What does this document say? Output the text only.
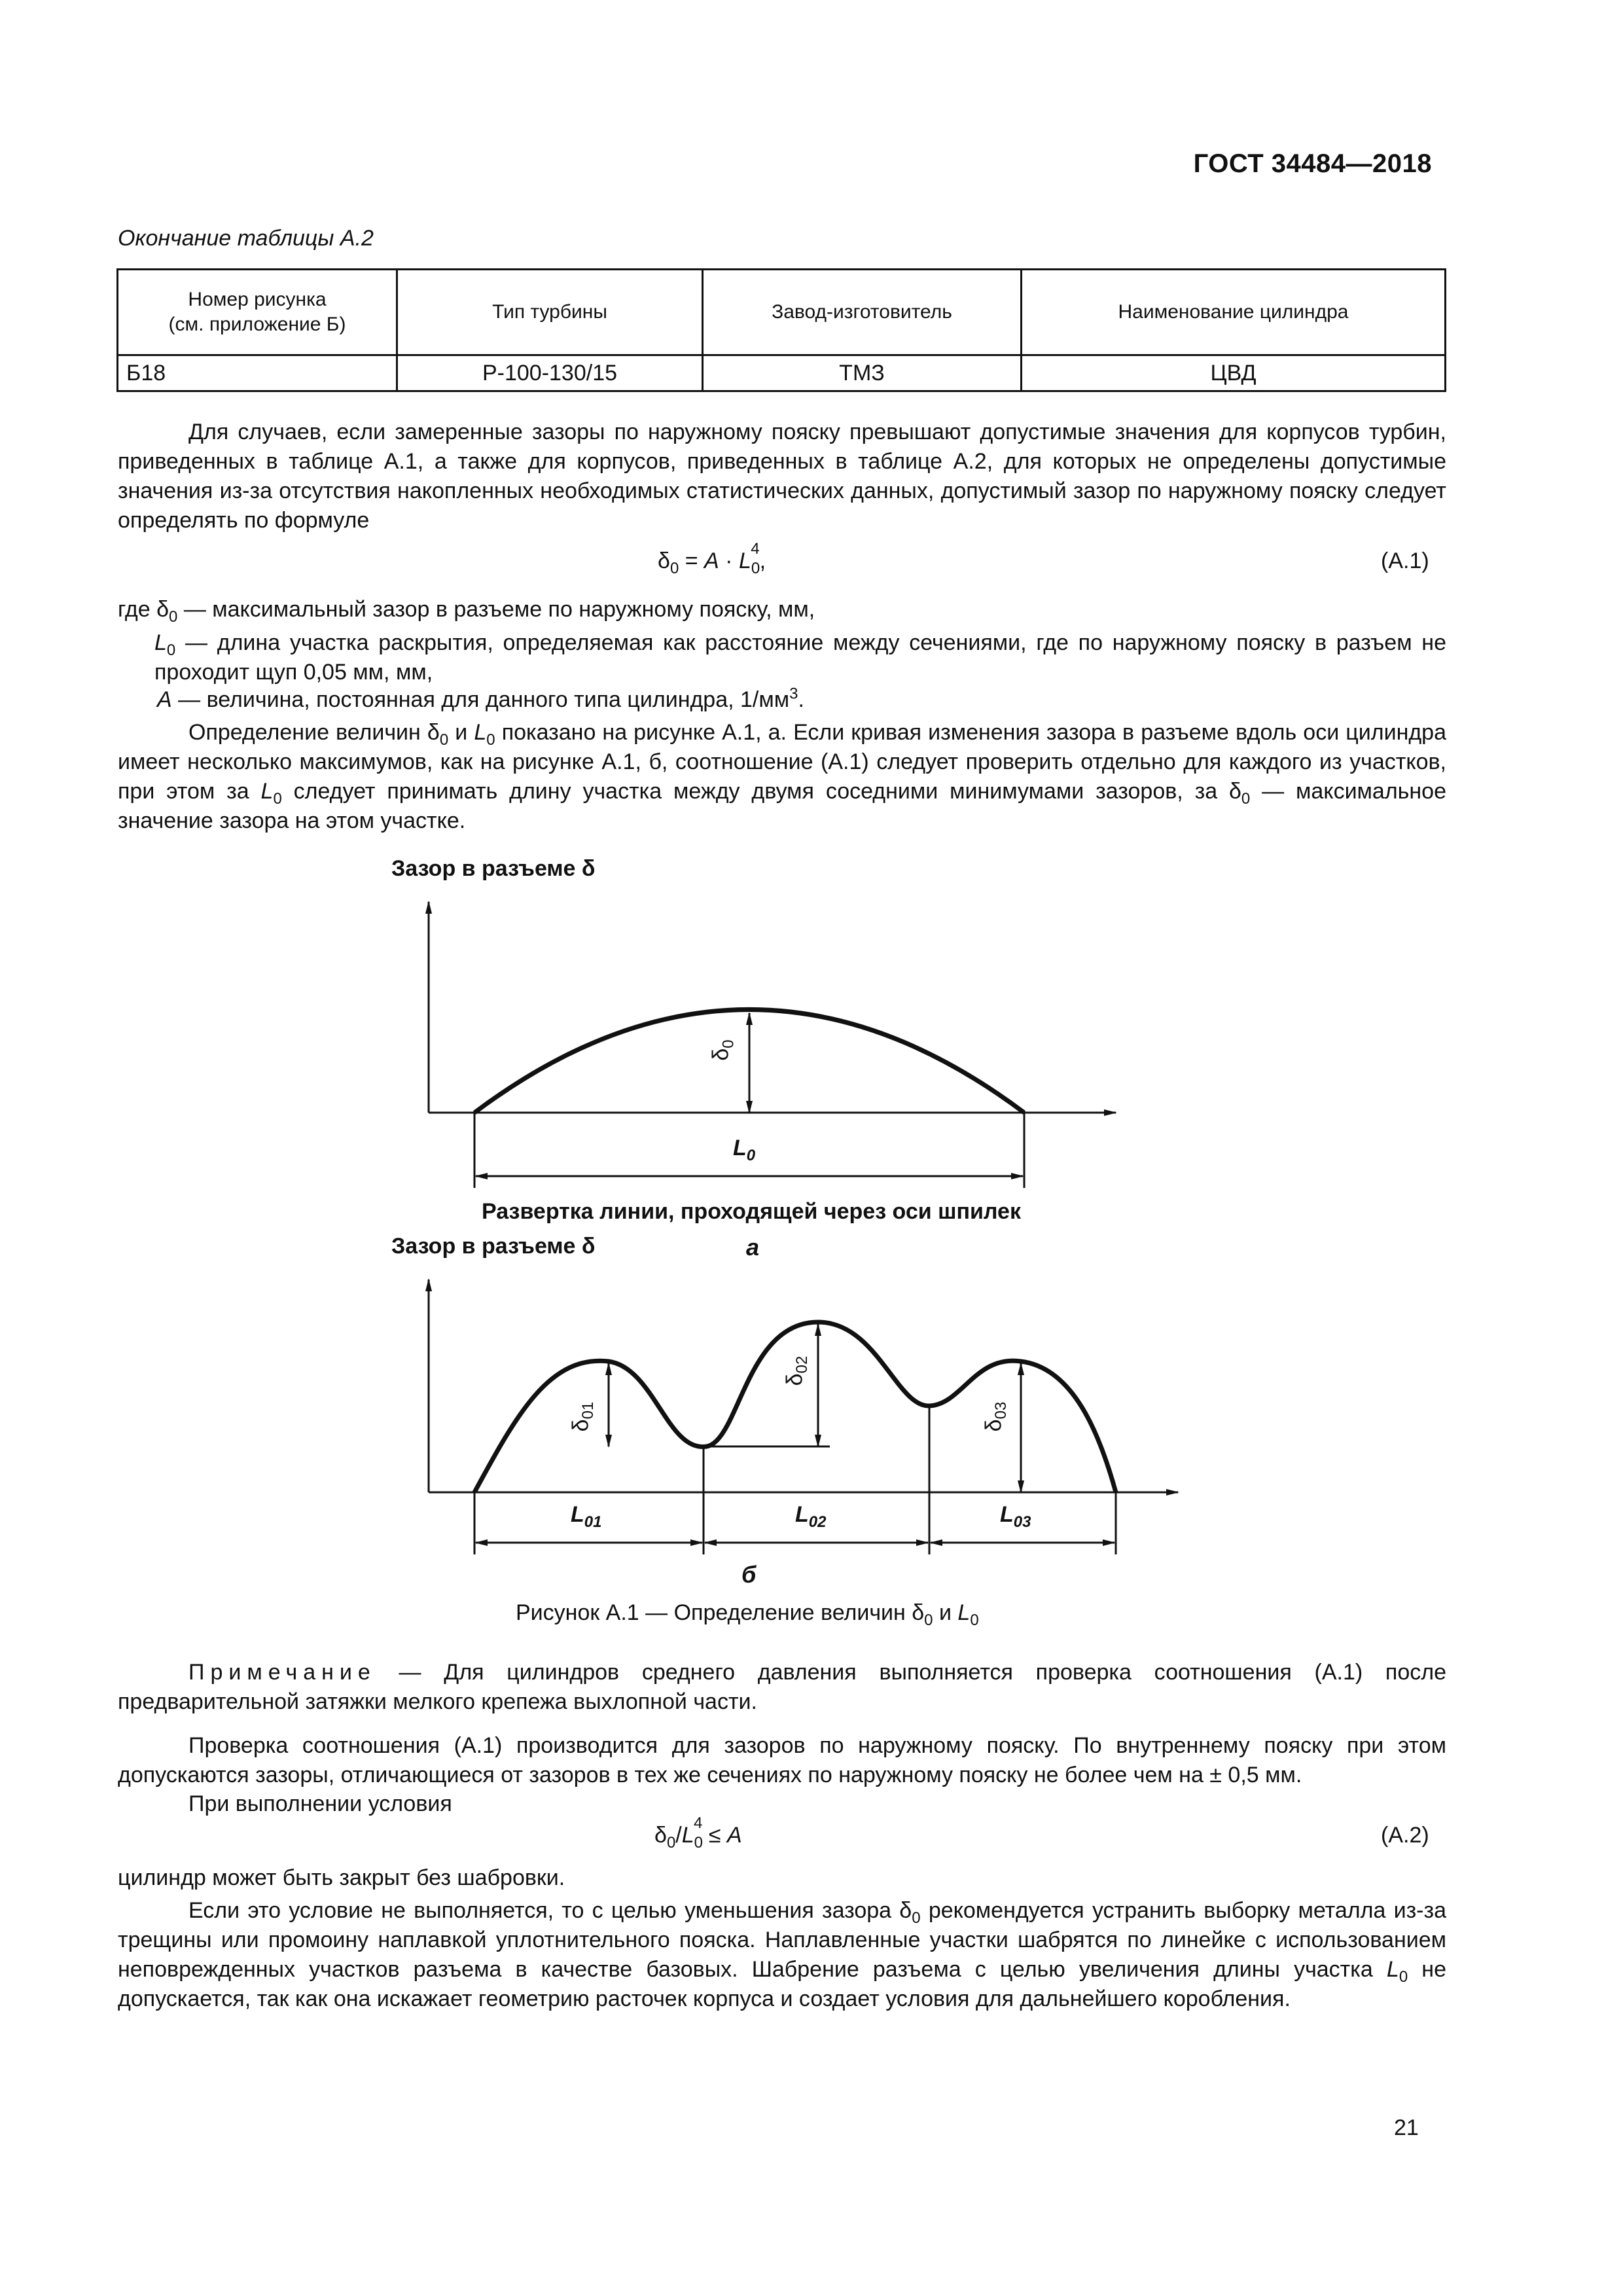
ГОСТ 34484—2018
Окончание таблицы А.2
Номер рисунка
(см. приложение Б)	Тип турбины	Завод-изготовитель	Наименование цилиндра
Б18	Р-100-130/15	ТМЗ	ЦВД
Для случаев, если замеренные зазоры по наружному пояску превышают допустимые значения для корпусов турбин, приведенных в таблице А.1, а также для корпусов, приведенных в таблице А.2, для которых не определены допустимые значения из-за отсутствия накопленных необходимых статистических данных, допустимый зазор по наружному пояску следует определять по формуле
$\delta_0 = A \cdot L_0^4$,	(А.1)
где $\delta_0$ — максимальный зазор в разъеме по наружному пояску, мм,
$L_0$ — длина участка раскрытия, определяемая как расстояние между сечениями, где по наружному пояску в разъем не проходит щуп 0,05 мм, мм,
A — величина, постоянная для данного типа цилиндра, $1/мм^3$.
Определение величин $\delta_0$ и $L_0$ показано на рисунке А.1, а. Если кривая изменения зазора в разъеме вдоль оси цилиндра имеет несколько максимумов, как на рисунке А.1, б, соотношение (А.1) следует проверить отдельно для каждого из участков, при этом за $L_0$ следует принимать длину участка между двумя соседними минимумами зазоров, за $\delta_0$ — максимальное значение зазора на этом участке.
Зазор в разъеме δ
$\delta_0$
$L_0$
Развертка линии, проходящей через оси шпилек
а
Зазор в разъеме δ
$\delta_{01}$
$\delta_{02}$
$\delta_{03}$
$L_{01}$	$L_{02}$	$L_{03}$
б
Рисунок А.1 — Определение величин $\delta_0$ и $L_0$
Примечание — Для цилиндров среднего давления выполняется проверка соотношения (А.1) после предварительной затяжки мелкого крепежа выхлопной части.
Проверка соотношения (А.1) производится для зазоров по наружному пояску. По внутреннему пояску при этом допускаются зазоры, отличающиеся от зазоров в тех же сечениях по наружному пояску не более чем на ± 0,5 мм.
При выполнении условия
$\delta_0/L_0^4 \le A$	(А.2)
цилиндр может быть закрыт без шабровки.
Если это условие не выполняется, то с целью уменьшения зазора $\delta_0$ рекомендуется устранить выборку металла из-за трещины или промоину наплавкой уплотнительного пояска. Наплавленные участки шабрятся по линейке с использованием неповрежденных участков разъема в качестве базовых. Шабрение разъема с целью увеличения длины участка $L_0$ не допускается, так как она искажает геометрию расточек корпуса и создает условия для дальнейшего коробления.
21
